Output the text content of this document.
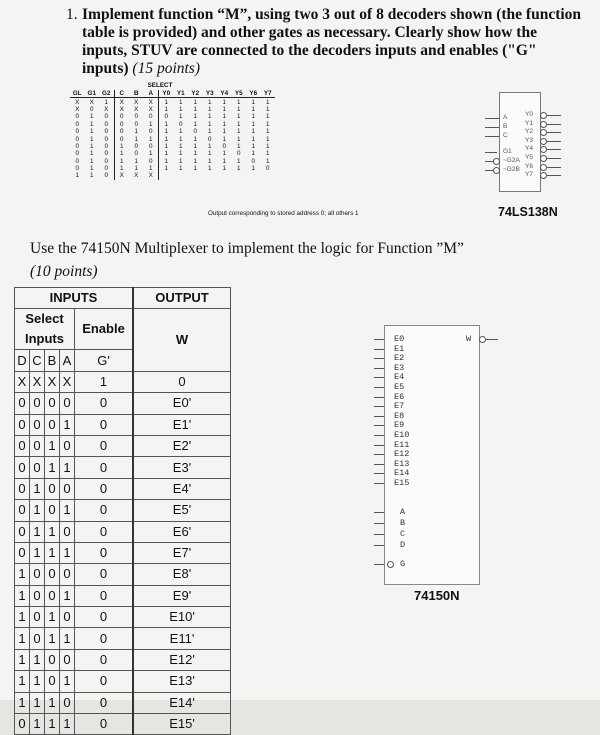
1. Implement function “M”, using two 3 out of 8 decoders shown (the function table is provided) and other gates as necessary. Clearly show how the inputs, STUV are connected to the decoders inputs and enables ("G" inputs) (15 points)
SELECT
GL	G1	G2	C	B	A	Y0	Y1	Y2	Y3	Y4	Y5	Y6	Y7
X	X	1	X	X	X	1	1	1	1	1	1	1	1
X	0	X	X	X	X	1	1	1	1	1	1	1	1
0	1	0	0	0	0	0	1	1	1	1	1	1	1
0	1	0	0	0	1	1	0	1	1	1	1	1	1
0	1	0	0	1	0	1	1	0	1	1	1	1	1
0	1	0	0	1	1	1	1	1	0	1	1	1	1
0	1	0	1	0	0	1	1	1	1	0	1	1	1
0	1	0	1	0	1	1	1	1	1	1	0	1	1
0	1	0	1	1	0	1	1	1	1	1	1	0	1
0	1	0	1	1	1	1	1	1	1	1	1	1	0
1	1	0	X	X	X								
Output corresponding to stored address 0; all others 1
A
B
C
G1
~G2A
~G2B
Y0
Y1
Y2
Y3
Y4
Y5
Y6
Y7
74LS138N
Use the 74150N Multiplexer to implement the logic for Function ”M”
(10 points)
INPUTS					OUTPUT
Select Inputs				Enable	W
D	C	B	A	G'	
X	X	X	X	1	0
0	0	0	0	0	E0'
0	0	0	1	0	E1'
0	0	1	0	0	E2'
0	0	1	1	0	E3'
0	1	0	0	0	E4'
0	1	0	1	0	E5'
0	1	1	0	0	E6'
0	1	1	1	0	E7'
1	0	0	0	0	E8'
1	0	0	1	0	E9'
1	0	1	0	0	E10'
1	0	1	1	0	E11'
1	1	0	0	0	E12'
1	1	0	1	0	E13'
1	1	1	0	0	E14'
0	1	1	1	0	E15'
E0
E1
E2
E3
E4
E5
E6
E7
E8
E9
E10
E11
E12
E13
E14
E15
A
B
C
D
G
W
74150N
